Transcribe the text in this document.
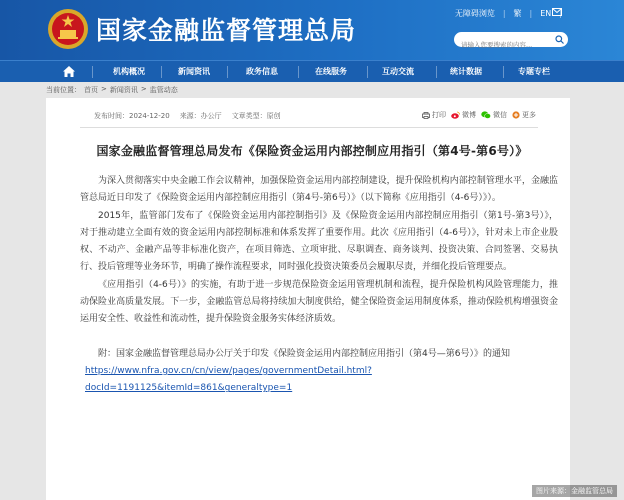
国家金融监督管理总局
无障碍浏览 | 繁 | EN |
请输入您要搜索的内容...
机构概况	新闻资讯	政务信息	在线服务	互动交流	统计数据	专题专栏
当前位置： 首页 > 新闻资讯 > 监管动态
发布时间：2024-12-20 来源：办公厅 文章类型：原创	打印 微博 微信 更多
国家金融监督管理总局发布《保险资金运用内部控制应用指引（第4号-第6号）》

为深入贯彻落实中央金融工作会议精神，加强保险资金运用内部控制建设，提升保险机构内部控制管理水平，金融监管总局近日印发了《保险资金运用内部控制应用指引（第4号-第6号）》（以下简称《应用指引（4-6号）》）。

2015年，监管部门发布了《保险资金运用内部控制指引》及《保险资金运用内部控制应用指引（第1号-第3号）》，对于推动建立全面有效的资金运用内部控制标准和体系发挥了重要作用。此次《应用指引（4-6号）》，针对未上市企业股权、不动产、金融产品等非标准化资产，在项目筛选、立项审批、尽职调查、商务谈判、投资决策、合同签署、交易执行、投后管理等业务环节，明确了操作流程要求，同时强化投资决策委员会履职尽责，并细化投后管理要点。

《应用指引（4-6号）》的实施，有助于进一步规范保险资金运用管理机制和流程，提升保险机构风险管理能力，推动保险业高质量发展。下一步，金融监管总局将持续加大制度供给，健全保险资金运用制度体系，推动保险机构增强资金运用安全性、收益性和流动性，提升保险资金服务实体经济质效。

附：国家金融监督管理总局办公厅关于印发《保险资金运用内部控制应用指引（第4号—第6号）》的通知

https://www.nfra.gov.cn/cn/view/pages/governmentDetail.html?

docId=1191125&itemId=861&generaltype=1

图片来源：金融监管总局
